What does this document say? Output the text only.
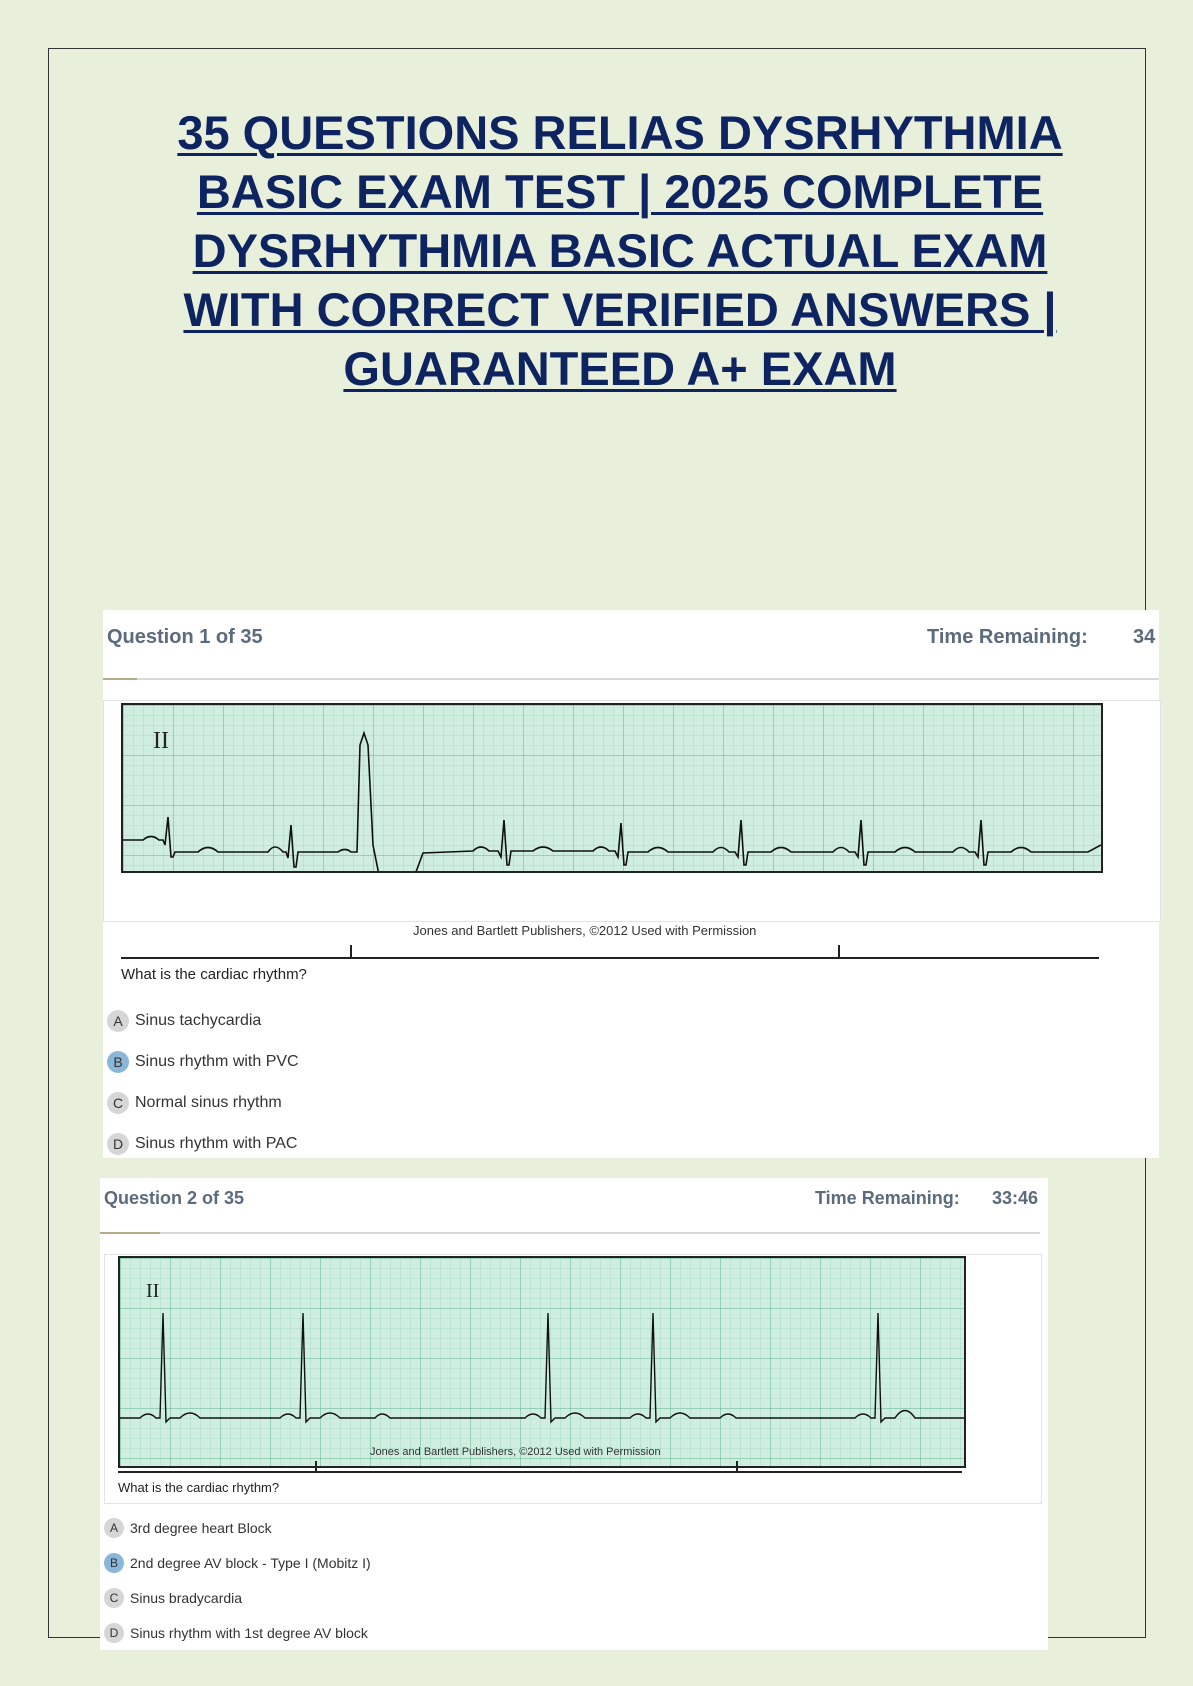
35 QUESTIONS RELIAS DYSRHYTHMIA
BASIC EXAM TEST | 2025 COMPLETE
DYSRHYTHMIA BASIC ACTUAL EXAM
WITH CORRECT VERIFIED ANSWERS |
GUARANTEED A+ EXAM
Question 1 of 35	Time Remaining: 34
II
Jones and Bartlett Publishers, ©2012 Used with Permission
What is the cardiac rhythm?
A Sinus tachycardia
B Sinus rhythm with PVC
C Normal sinus rhythm
D Sinus rhythm with PAC
Question 2 of 35	Time Remaining: 33:46
II
Jones and Bartlett Publishers, ©2012 Used with Permission
What is the cardiac rhythm?
A 3rd degree heart Block
B 2nd degree AV block - Type I (Mobitz I)
C Sinus bradycardia
D Sinus rhythm with 1st degree AV block
